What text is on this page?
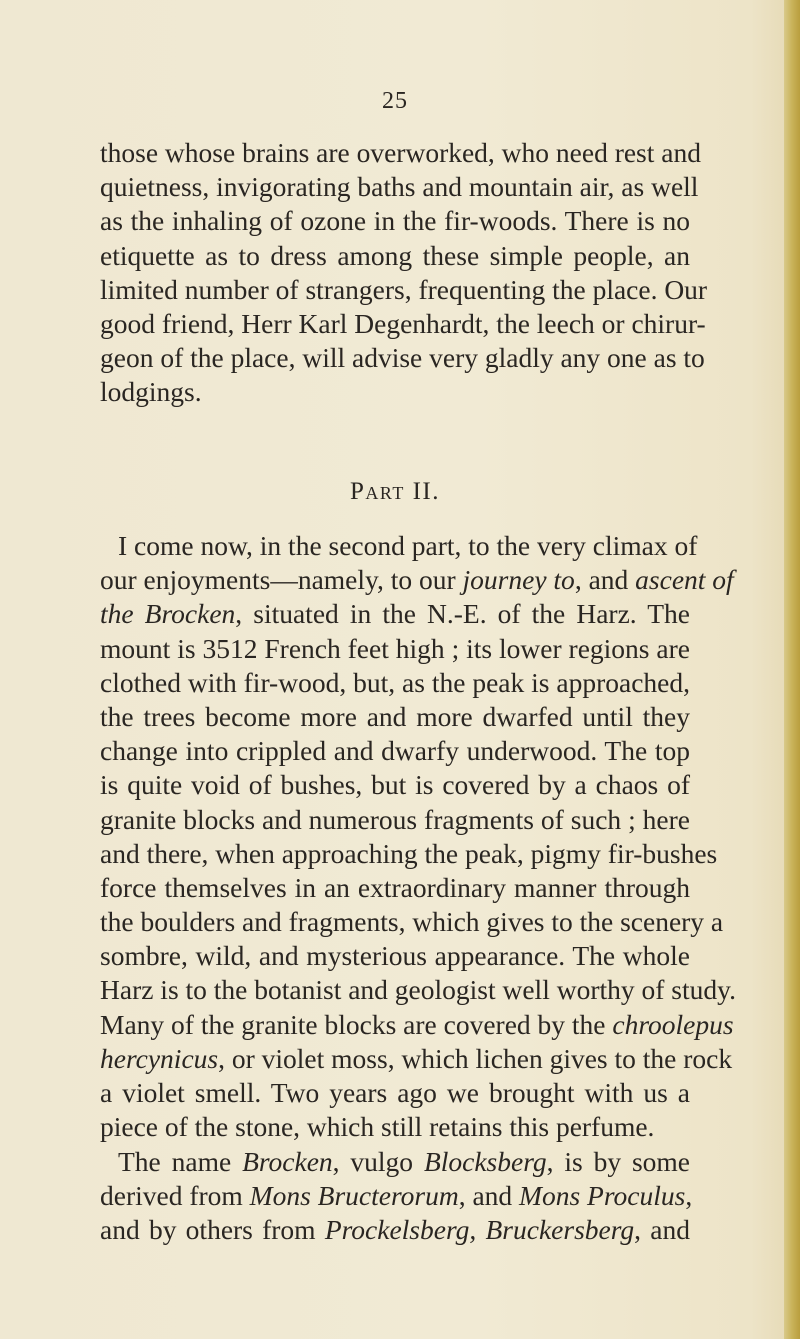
25
those whose brains are overworked, who need rest and
quietness, invigorating baths and mountain air, as well
as the inhaling of ozone in the fir-woods. There is no
etiquette as to dress among these simple people, an
limited number of strangers, frequenting the place. Our
good friend, Herr Karl Degenhardt, the leech or chirur-
geon of the place, will advise very gladly any one as to
lodgings.
Part II.
I come now, in the second part, to the very climax of
our enjoyments—namely, to our journey to, and ascent of
the Brocken, situated in the N.-E. of the Harz. The
mount is 3512 French feet high ; its lower regions are
clothed with fir-wood, but, as the peak is approached,
the trees become more and more dwarfed until they
change into crippled and dwarfy underwood. The top
is quite void of bushes, but is covered by a chaos of
granite blocks and numerous fragments of such ; here
and there, when approaching the peak, pigmy fir-bushes
force themselves in an extraordinary manner through
the boulders and fragments, which gives to the scenery a
sombre, wild, and mysterious appearance. The whole
Harz is to the botanist and geologist well worthy of study.
Many of the granite blocks are covered by the chroolepus
hercynicus, or violet moss, which lichen gives to the rock
a violet smell. Two years ago we brought with us a
piece of the stone, which still retains this perfume.
The name Brocken, vulgo Blocksberg, is by some
derived from Mons Bructerorum, and Mons Proculus,
and by others from Prockelsberg, Bruckersberg, and
